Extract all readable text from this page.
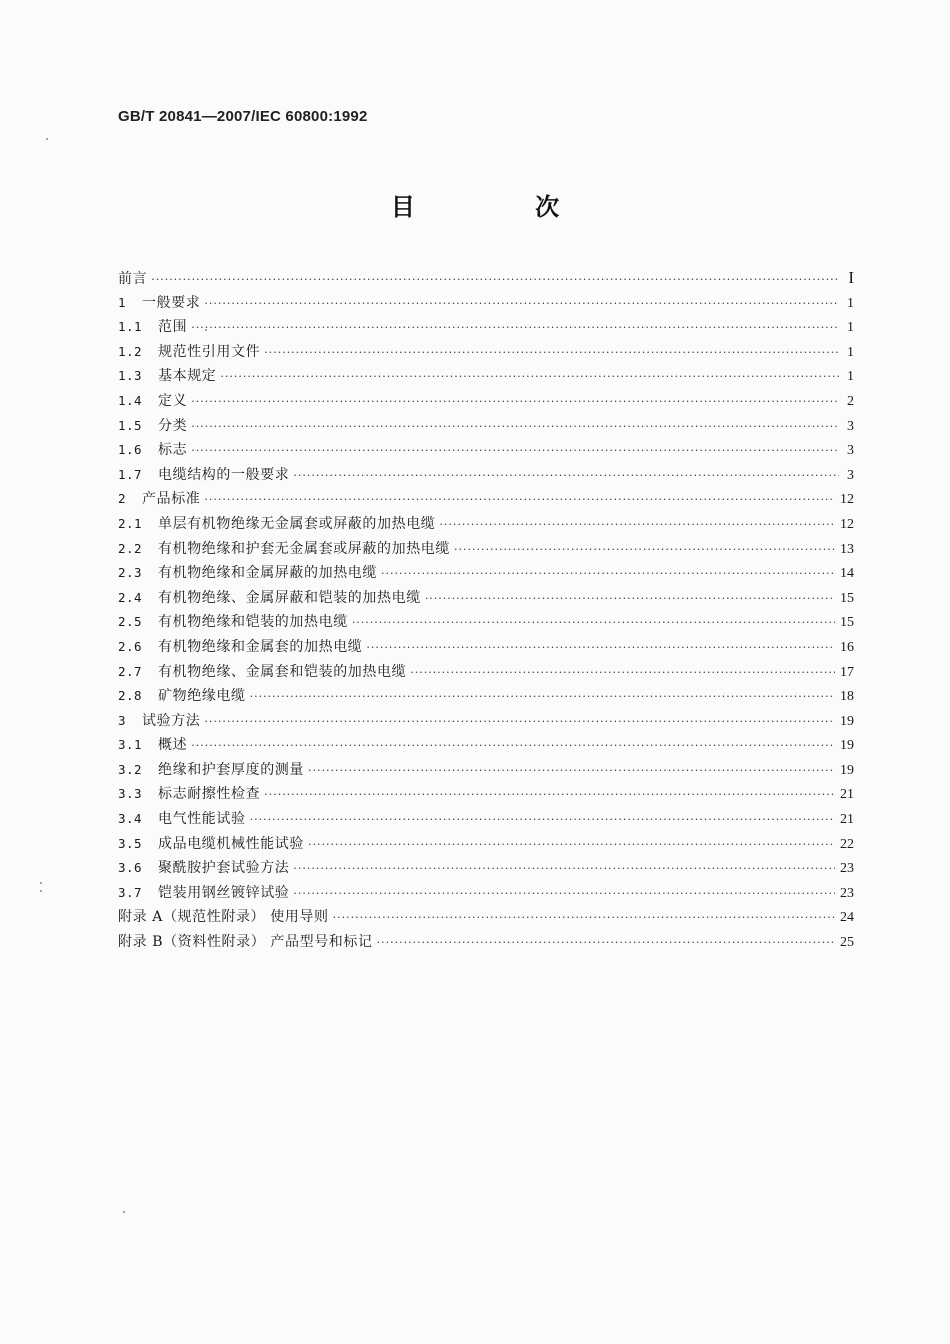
GB/T 20841—2007/IEC 60800:1992
目 次
前言 ·····	I
1	一般要求 ·····	1
1.1	范围 ·····	1
1.2	规范性引用文件 ·····	1
1.3	基本规定 ·····	1
1.4	定义 ·····	2
1.5	分类 ·····	3
1.6	标志 ·····	3
1.7	电缆结构的一般要求 ·····	3
2	产品标准 ·····	12
2.1	单层有机物绝缘无金属套或屏蔽的加热电缆 ·····	12
2.2	有机物绝缘和护套无金属套或屏蔽的加热电缆 ·····	13
2.3	有机物绝缘和金属屏蔽的加热电缆 ·····	14
2.4	有机物绝缘、金属屏蔽和铠装的加热电缆 ·····	15
2.5	有机物绝缘和铠装的加热电缆 ·····	15
2.6	有机物绝缘和金属套的加热电缆 ·····	16
2.7	有机物绝缘、金属套和铠装的加热电缆 ·····	17
2.8	矿物绝缘电缆 ·····	18
3	试验方法 ·····	19
3.1	概述 ·····	19
3.2	绝缘和护套厚度的测量 ·····	19
3.3	标志耐擦性检查 ·····	21
3.4	电气性能试验 ·····	21
3.5	成品电缆机械性能试验 ·····	22
3.6	聚酰胺护套试验方法 ·····	23
3.7	铠装用钢丝镀锌试验 ·····	23
附录 A（规范性附录） 使用导则 ·····	24
附录 B（资料性附录） 产品型号和标记 ·····	25
